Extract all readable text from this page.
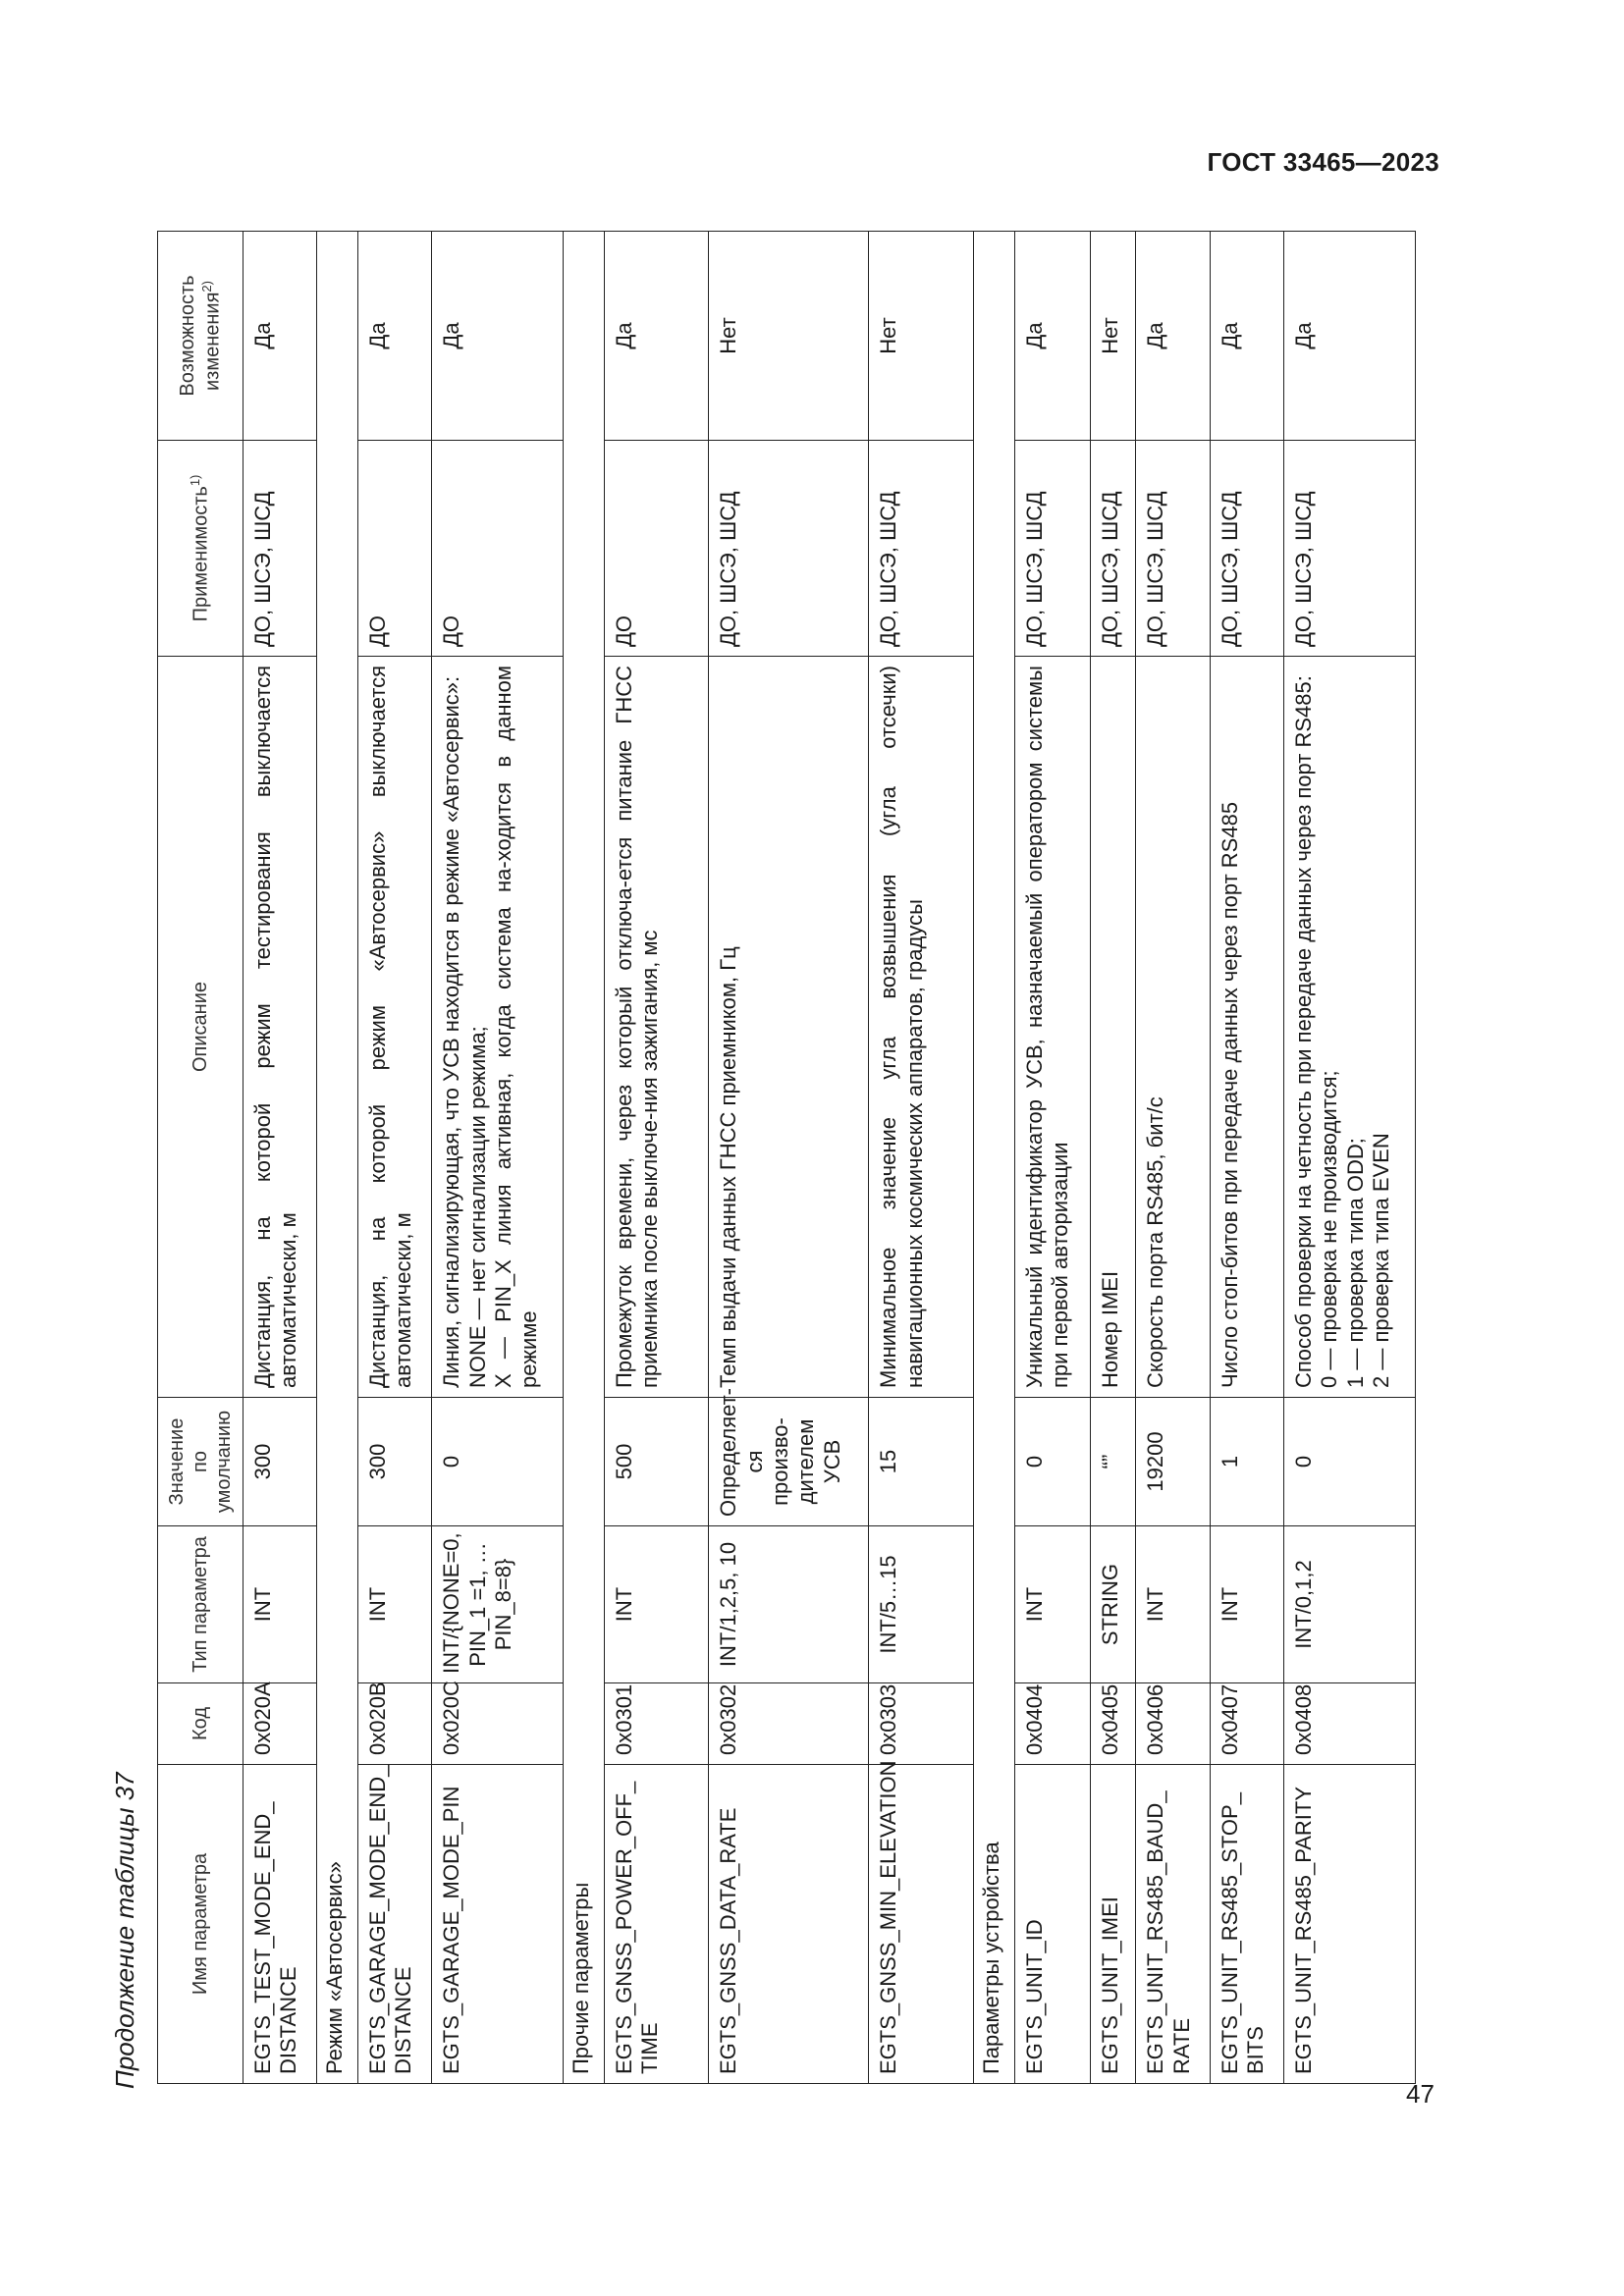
ГОСТ 33465—2023
47
Продолжение таблицы 37	Имя параметра	Код	Тип параметра	Значение по умолчанию	Описание	Применимость$^{1)}$	Возможность изменения$^{2)}$
EGTS_TEST_MODE_END_ DISTANCE	0x020A	INT	300	Дистанция, на которой режим тестирования выключается автоматически, м	ДО, ШСЭ, ШСД	Да
Режим «Автосервис»						
EGTS_GARAGE_MODE_END_ DISTANCE	0x020B	INT	300	Дистанция, на которой режим «Автосервис» выключается автоматически, м	ДО	Да
EGTS_GARAGE_MODE_PIN	0x020C	INT/{NONE=0, PIN_1 =1, … PIN_8=8}	0	Линия, сигнализирующая, что УСВ находится в режиме «Автосервис»: NONE — нет сигнализации режима; X — PIN_X линия активная, когда система на-ходится в данном режиме	ДО	Да
Прочие параметры						
EGTS_GNSS_POWER_OFF_ TIME	0x0301	INT	500	Промежуток времени, через который отключа-ется питание ГНСС приемника после выключе-ния зажигания, мс	ДО	Да
EGTS_GNSS_DATA_RATE	0x0302	INT/1,2,5, 10	Определяет-ся произво-дителем УСВ	Темп выдачи данных ГНСС приемником, Гц	ДО, ШСЭ, ШСД	Нет
EGTS_GNSS_MIN_ELEVATION	0x0303	INT/5…15	15	Минимальное значение угла возвышения (угла отсечки) навигационных космических аппаратов, градусы	ДО, ШСЭ, ШСД	Нет
Параметры устройства						
EGTS_UNIT_ID	0x0404	INT	0	Уникальный идентификатор УСВ, назначаемый оператором системы при первой авторизации	ДО, ШСЭ, ШСД	Да
EGTS_UNIT_IMEI	0x0405	STRING	“”	Номер IMEI	ДО, ШСЭ, ШСД	Нет
EGTS_UNIT_RS485_BAUD_ RATE	0x0406	INT	19200	Скорость порта RS485, бит/с	ДО, ШСЭ, ШСД	Да
EGTS_UNIT_RS485_STOP_ BITS	0x0407	INT	1	Число стоп-битов при передаче данных через порт RS485	ДО, ШСЭ, ШСД	Да
EGTS_UNIT_RS485_PARITY	0x0408	INT/0,1,2	0	Способ проверки на четность при передаче данных через порт RS485: 0 — проверка не производится; 1 — проверка типа ODD; 2 — проверка типа EVEN	ДО, ШСЭ, ШСД	Да
